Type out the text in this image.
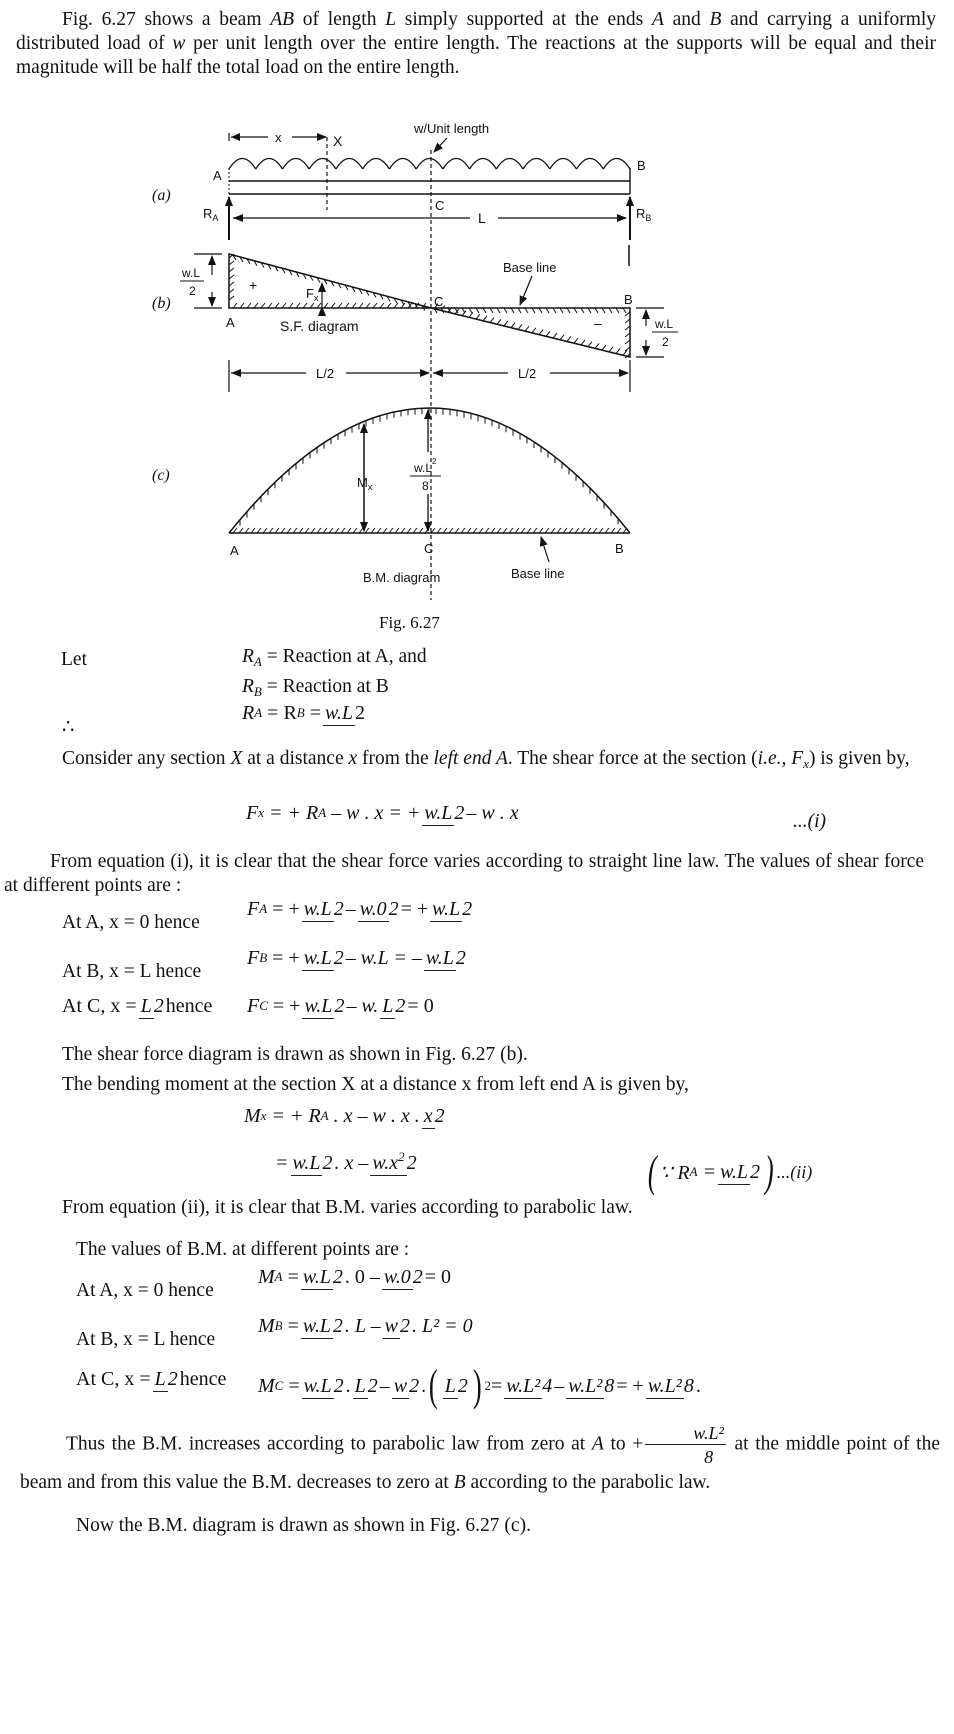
Fig. 6.27 shows a beam AB of length L simply supported at the ends A and B and carrying a uniformly distributed load of w per unit length over the entire length. The reactions at the supports will be equal and their magnitude will be half the total load on the entire length.
(a)
x	X
w/Unit length
A
B
C
$R_A$	$R_B$
L
(b)
+
–
$F_x$
w.L
2
w.L
2
A
C	B
S.F. diagram
Base line
L/2	L/2
(c)	$M_x$
$w.L^2$
8
A	C	B
B.M. diagram	Base line
Fig. 6.27
Let	$R_A$ = Reaction at A, and
$R_B$ = Reaction at B
∴
R A
= R B
= w.L 2
Consider any section X at a distance x from the left end A. The shear force at the section (i.e., $F_x$) is given by,
F x = + R A – w . x = + w.L 2 – w . x	...(i)
From equation (i), it is clear that the shear force varies according to straight line law. The values of shear force at different points are :
At A, x = 0 hence
F A
= + w.L 2 – w.0 2 = + w.L 2
At B, x = L hence
F B
= + w.L 2 – w.L = – w.L 2
At C, x = L 2 hence F C
= + w.L 2 – w. L 2 = 0
The shear force diagram is drawn as shown in Fig. 6.27 (b).
The bending moment at the section X at a distance x from left end A is given by,
M x = + R A . x – w . x . x 2
= w.L 2 . x – $w.x^2$ 2	( ∵ R A
= w.L 2 ) ...(ii)
From equation (ii), it is clear that B.M. varies according to parabolic law.
The values of B.M. at different points are :
At A, x = 0 hence
M A
= w.L 2 . 0 – w.0 2 = 0
At B, x = L hence
M B
= w.L 2 . L – w 2 . L² = 0
At C, x = L 2 hence M C
= w.L 2 . L 2 – w 2 . ( L 2 ) 2 = w.L² 4 – w.L² 8 = + w.L² 8 .
Thus the B.M. increases according to parabolic law from zero at A to + $\frac{\text{w.L²}}{8}$ at the middle point of the beam and from this value the B.M. decreases to zero at B according to the parabolic law.
Now the B.M. diagram is drawn as shown in Fig. 6.27 (c).
